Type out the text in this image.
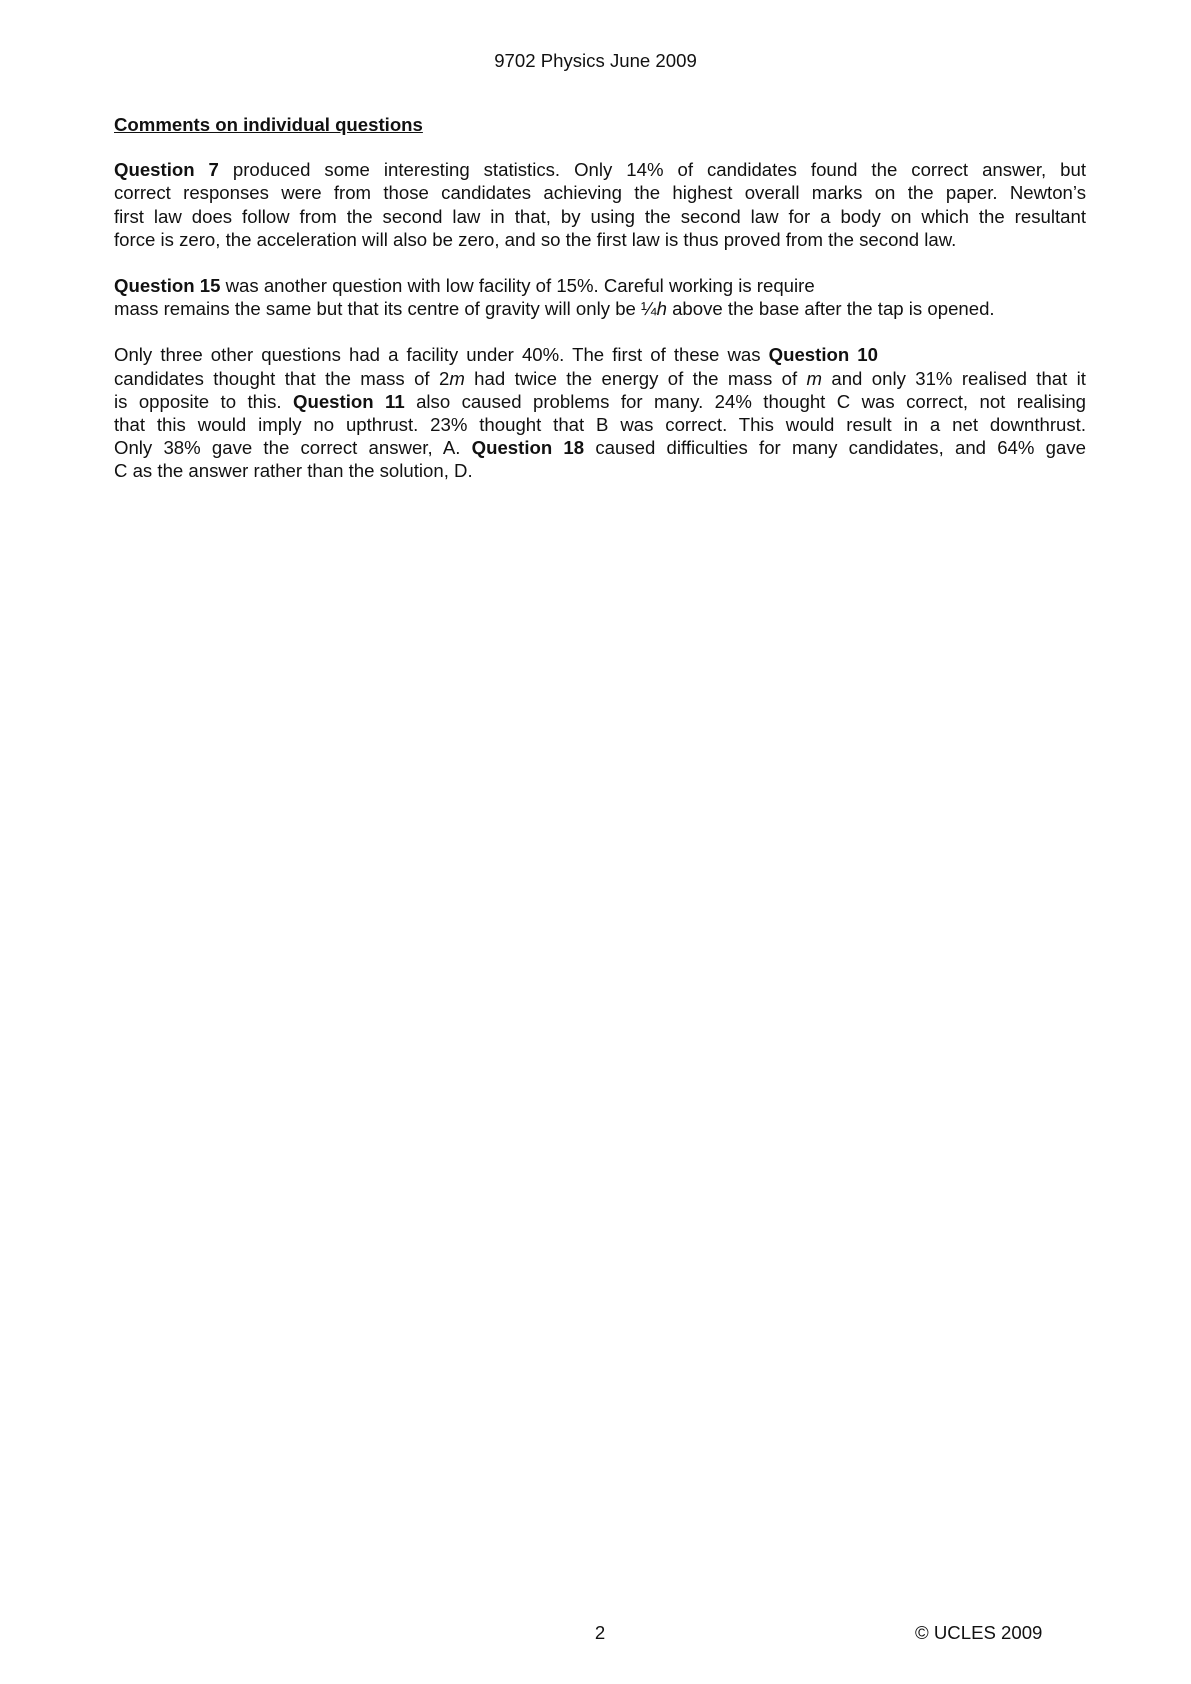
9702 Physics June 2009
Comments on individual questions
Question 7 produced some interesting statistics. Only 14% of candidates found the correct answer, but
correct responses were from those candidates achieving the highest overall marks on the paper. Newton’s
first law does follow from the second law in that, by using the second law for a body on which the resultant
force is zero, the acceleration will also be zero, and so the first law is thus proved from the second law.
Question 15 was another question with low facility of 15%. Careful working is require
mass remains the same but that its centre of gravity will only be ¼h above the base after the tap is opened.
Only three other questions had a facility under 40%. The first of these was Question 10
candidates thought that the mass of 2m had twice the energy of the mass of m and only 31% realised that it
is opposite to this. Question 11 also caused problems for many. 24% thought C was correct, not realising
that this would imply no upthrust. 23% thought that B was correct. This would result in a net downthrust.
Only 38% gave the correct answer, A. Question 18 caused difficulties for many candidates, and 64% gave
C as the answer rather than the solution, D.
2	© UCLES 2009
